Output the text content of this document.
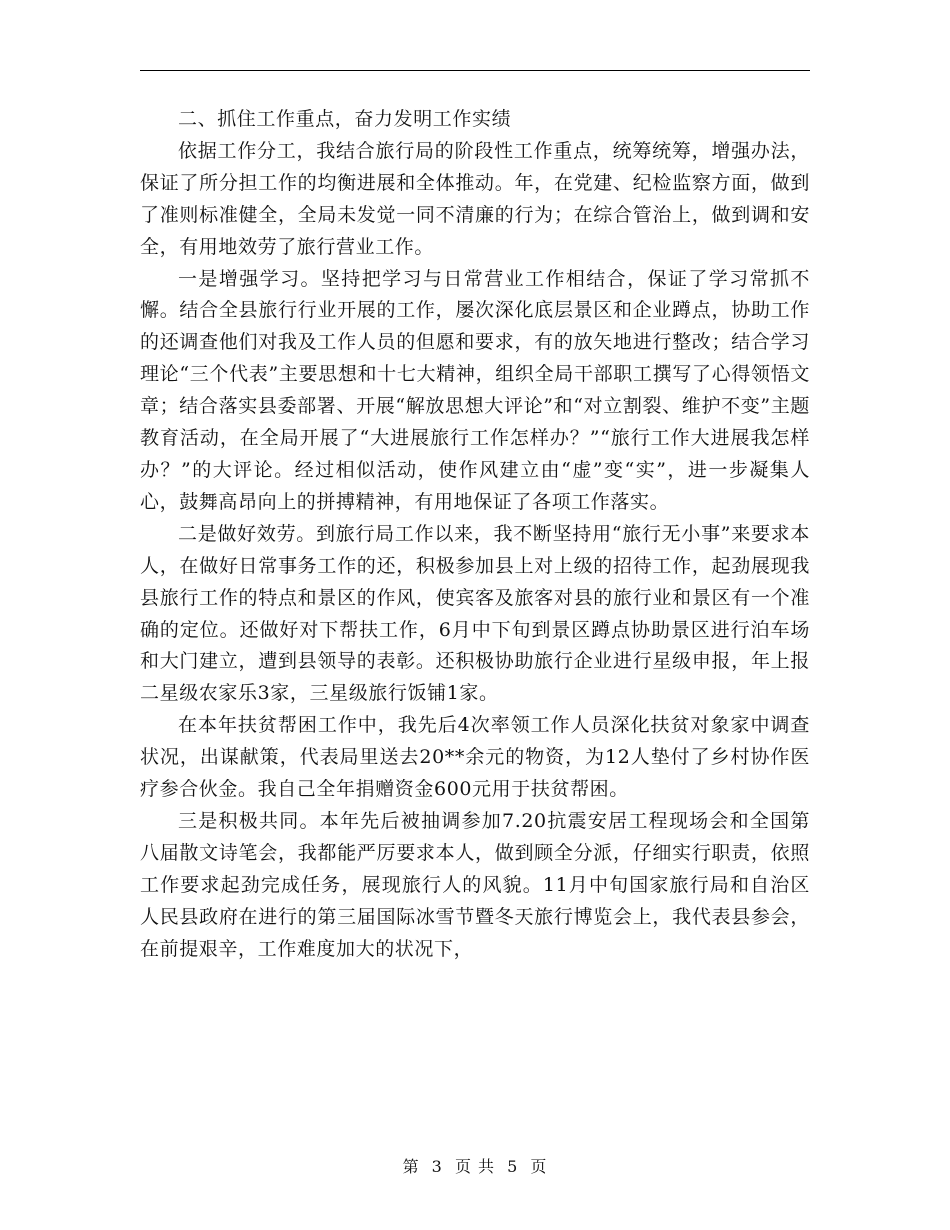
二、抓住工作重点，奋力发明工作实绩

依据工作分工，我结合旅行局的阶段性工作重点，统筹统筹，增强办法，保证了所分担工作的均衡进展和全体推动。年，在党建、纪检监察方面，做到了准则标准健全，全局未发觉一同不清廉的行为；在综合管治上，做到调和安全，有用地效劳了旅行营业工作。

一是增强学习。坚持把学习与日常营业工作相结合，保证了学习常抓不懈。结合全县旅行行业开展的工作，屡次深化底层景区和企业蹲点，协助工作的还调查他们对我及工作人员的但愿和要求，有的放矢地进行整改；结合学习理论“三个代表”主要思想和十七大精神，组织全局干部职工撰写了心得领悟文章；结合落实县委部署、开展“解放思想大评论”和“对立割裂、维护不变”主题教育活动，在全局开展了“大进展旅行工作怎样办？”“旅行工作大进展我怎样办？”的大评论。经过相似活动，使作风建立由“虚”变“实”，进一步凝集人心，鼓舞高昂向上的拼搏精神，有用地保证了各项工作落实。

二是做好效劳。到旅行局工作以来，我不断坚持用“旅行无小事”来要求本人，在做好日常事务工作的还，积极参加县上对上级的招待工作，起劲展现我县旅行工作的特点和景区的作风，使宾客及旅客对县的旅行业和景区有一个准确的定位。还做好对下帮扶工作，6月中下旬到景区蹲点协助景区进行泊车场和大门建立，遭到县领导的表彰。还积极协助旅行企业进行星级申报，年上报二星级农家乐3家，三星级旅行饭铺1家。

在本年扶贫帮困工作中，我先后4次率领工作人员深化扶贫对象家中调查状况，出谋献策，代表局里送去20**余元的物资，为12人垫付了乡村协作医疗参合伙金。我自己全年捐赠资金600元用于扶贫帮困。

三是积极共同。本年先后被抽调参加7.20抗震安居工程现场会和全国第八届散文诗笔会，我都能严厉要求本人，做到顾全分派，仔细实行职责，依照工作要求起劲完成任务，展现旅行人的风貌。11月中旬国家旅行局和自治区人民县政府在进行的第三届国际冰雪节暨冬天旅行博览会上，我代表县参会，在前提艰辛，工作难度加大的状况下，

第 3 页 共 5 页
